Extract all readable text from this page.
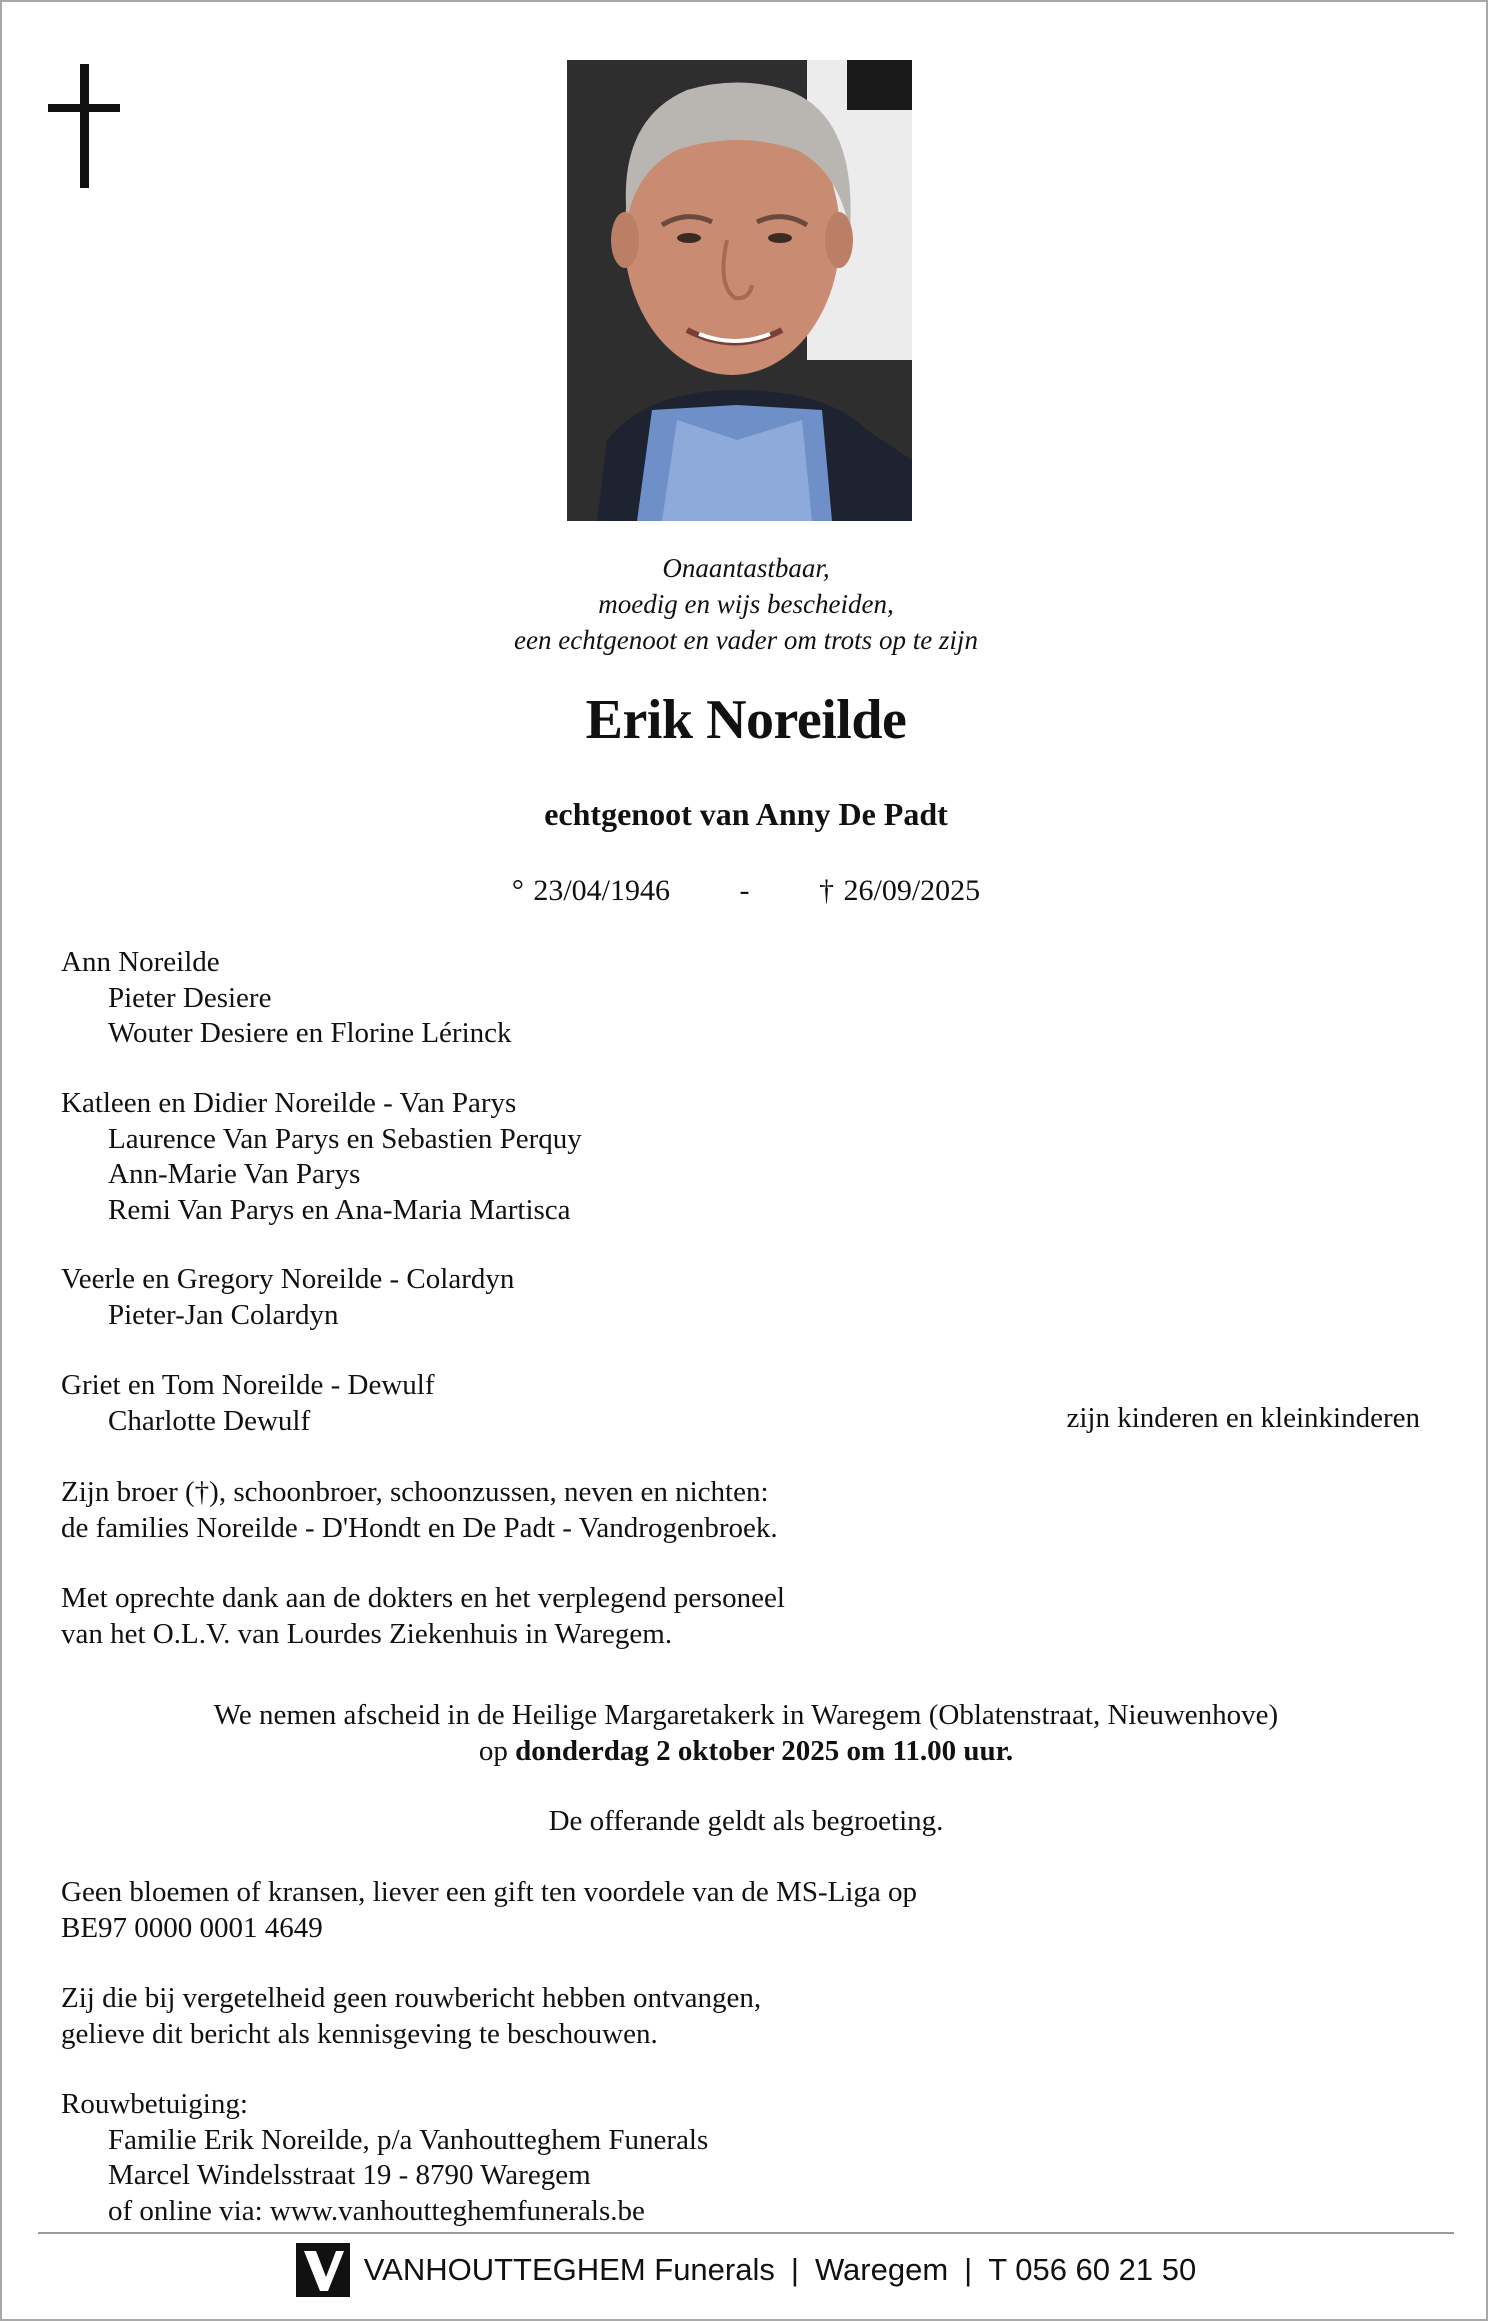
Onaantastbaar,
moedig en wijs bescheiden,
een echtgenoot en vader om trots op te zijn
Erik Noreilde
echtgenoot van Anny De Padt
° 23/04/1946 - † 26/09/2025
Ann Noreilde
Pieter Desiere
Wouter Desiere en Florine Lérinck
Katleen en Didier Noreilde - Van Parys
Laurence Van Parys en Sebastien Perquy
Ann-Marie Van Parys
Remi Van Parys en Ana-Maria Martisca
Veerle en Gregory Noreilde - Colardyn
Pieter-Jan Colardyn
Griet en Tom Noreilde - Dewulf
Charlotte Dewulf	zijn kinderen en kleinkinderen
Zijn broer (†), schoonbroer, schoonzussen, neven en nichten:
de families Noreilde - D'Hondt en De Padt - Vandrogenbroek.
Met oprechte dank aan de dokters en het verplegend personeel
van het O.L.V. van Lourdes Ziekenhuis in Waregem.
We nemen afscheid in de Heilige Margaretakerk in Waregem (Oblatenstraat, Nieuwenhove)
op donderdag 2 oktober 2025 om 11.00 uur.
De offerande geldt als begroeting.
Geen bloemen of kransen, liever een gift ten voordele van de MS-Liga op
BE97 0000 0001 4649
Zij die bij vergetelheid geen rouwbericht hebben ontvangen,
gelieve dit bericht als kennisgeving te beschouwen.
Rouwbetuiging:
Familie Erik Noreilde, p/a Vanhoutteghem Funerals
Marcel Windelsstraat 19 - 8790 Waregem
of online via: www.vanhoutteghemfunerals.be
VANHOUTTEGHEM Funerals | Waregem | T 056 60 21 50
